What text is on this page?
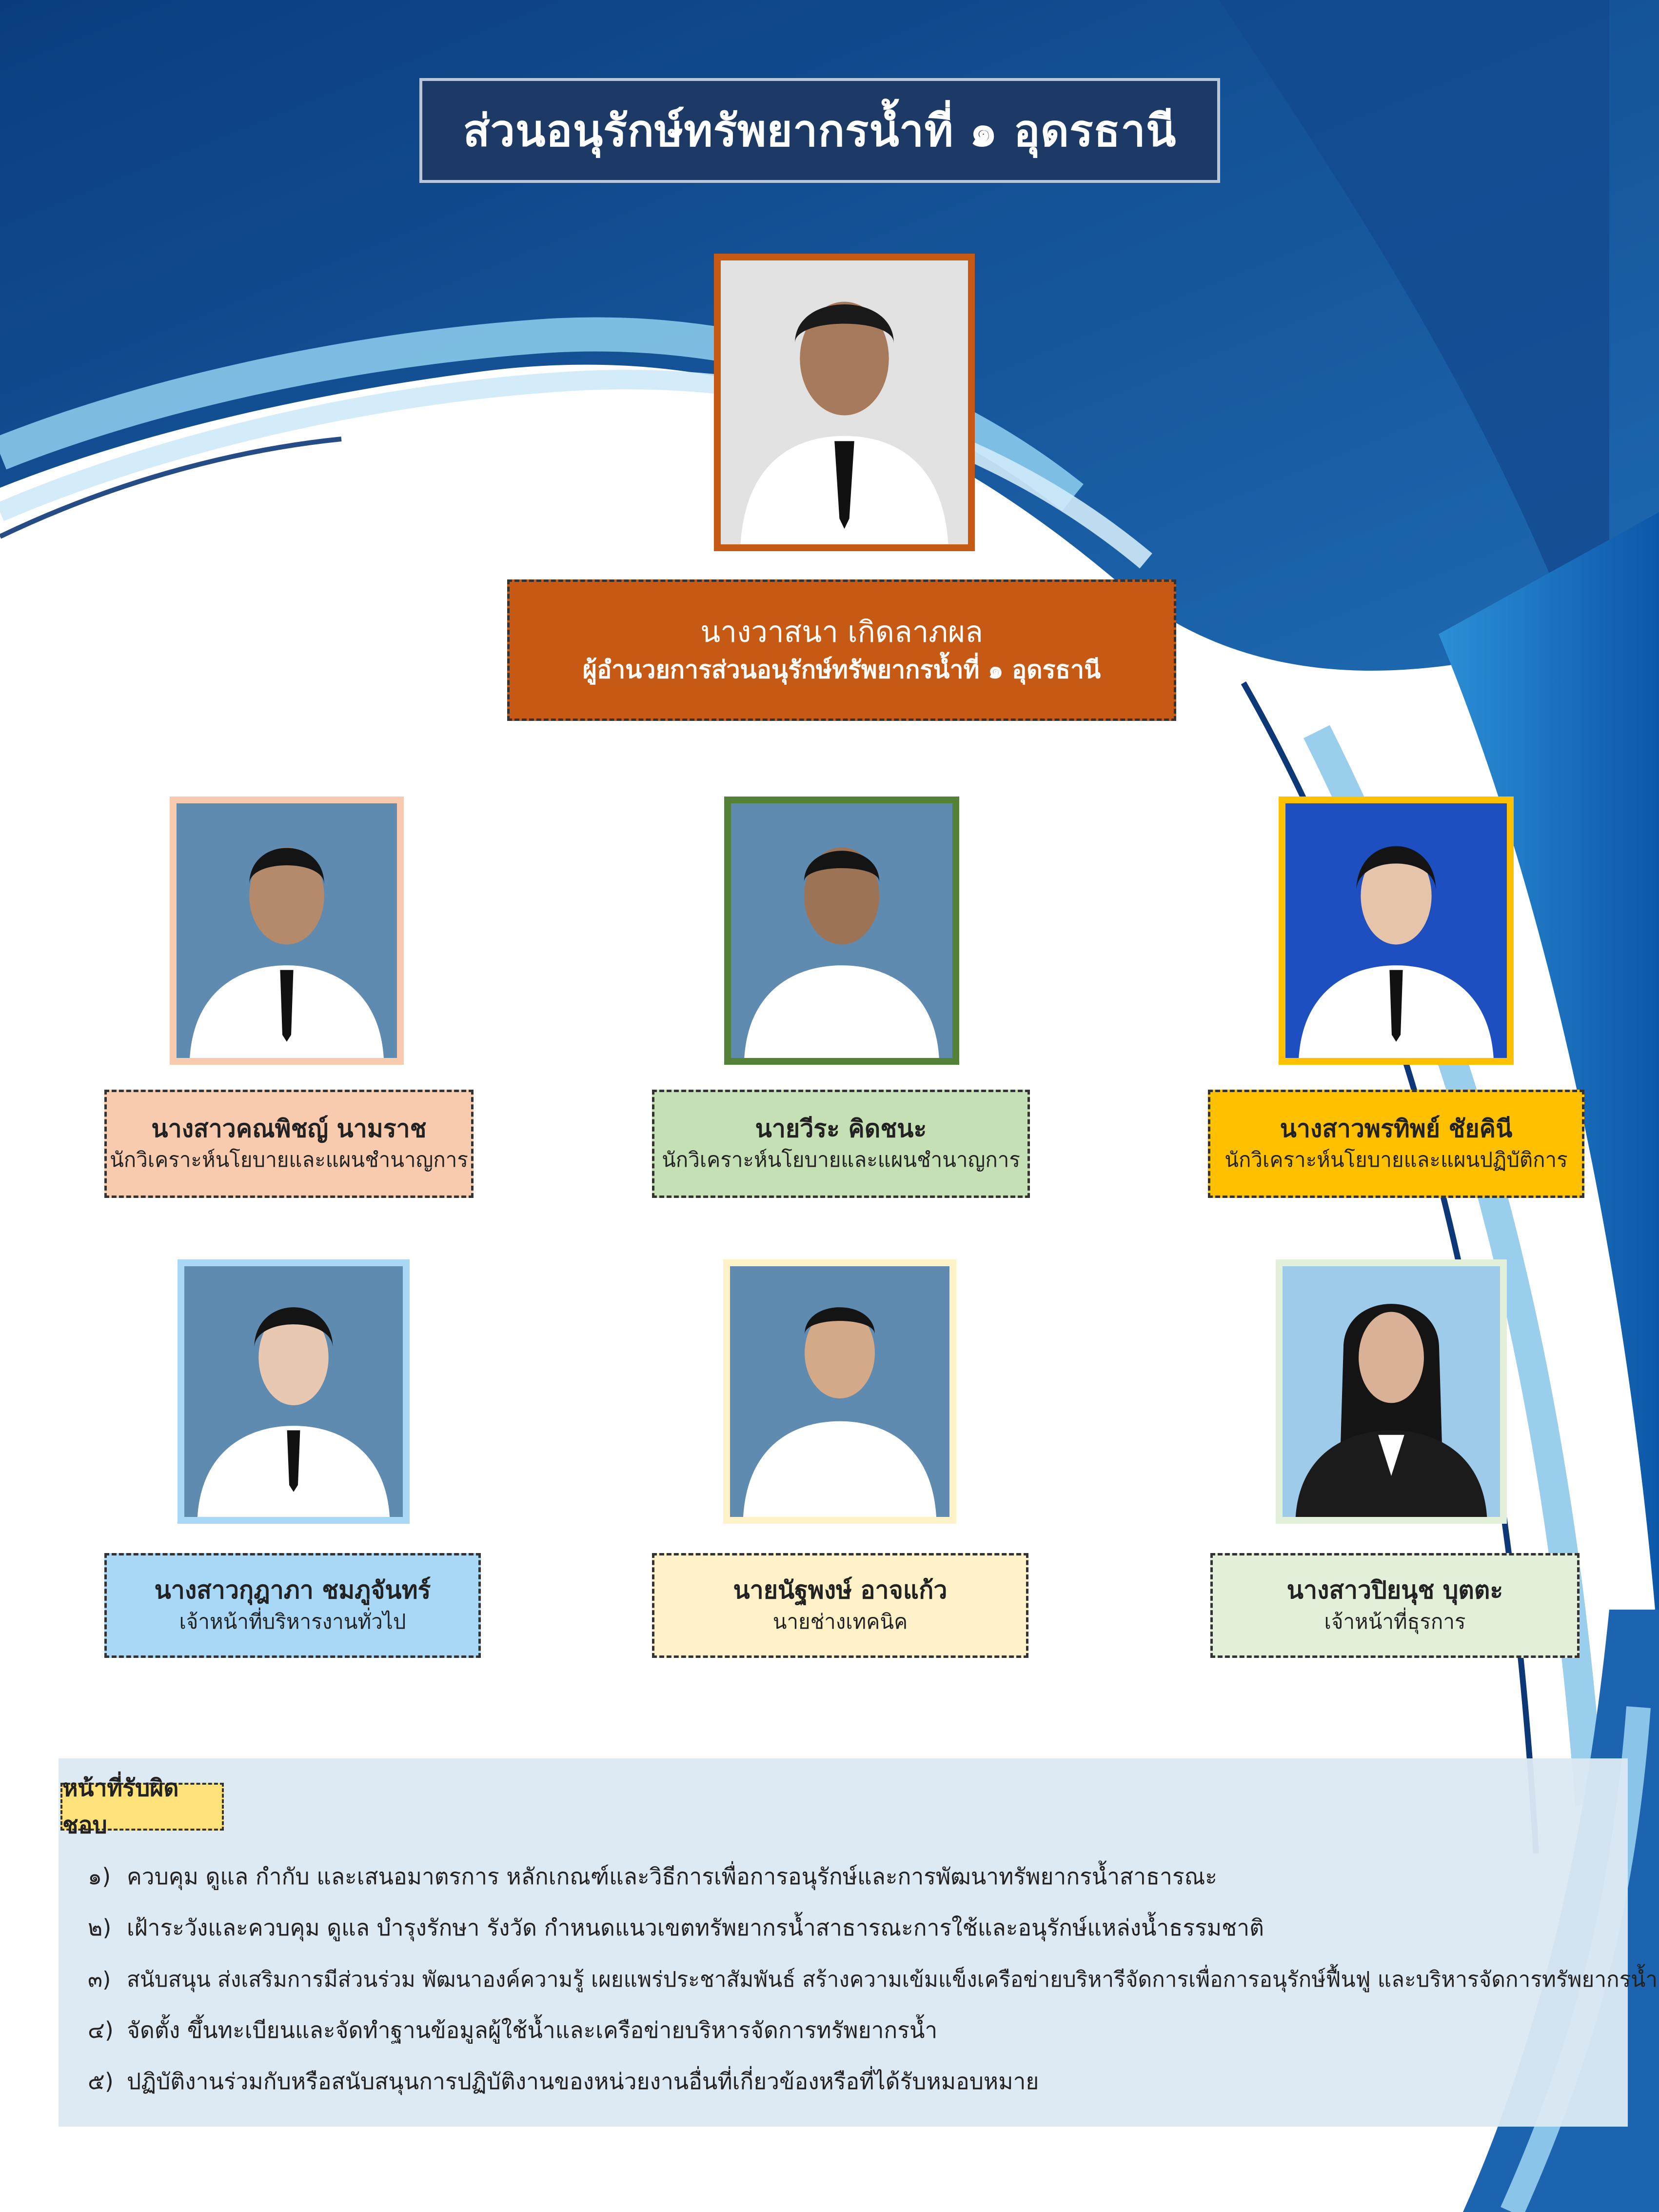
ส่วนอนุรักษ์ทรัพยากรน้ำที่ ๑ อุดรธานี
นางวาสนา เกิดลาภผล
ผู้อำนวยการส่วนอนุรักษ์ทรัพยากรน้ำที่ ๑ อุดรธานี
นางสาวคณพิชญ์ นามราช
นักวิเคราะห์นโยบายและแผนชำนาญการ
นายวีระ คิดชนะ
นักวิเคราะห์นโยบายและแผนชำนาญการ
นางสาวพรทิพย์ ชัยคินี
นักวิเคราะห์นโยบายและแผนปฏิบัติการ
นางสาวกุฎาภา ชมภูจันทร์
เจ้าหน้าที่บริหารงานทั่วไป
นายนัฐพงษ์ อาจแก้ว
นายช่างเทคนิค
นางสาวปิยนุช บุตตะ
เจ้าหน้าที่ธุรการ
หน้าที่รับผิดชอบ
๑) ควบคุม ดูแล กำกับ และเสนอมาตรการ หลักเกณฑ์และวิธีการเพื่อการอนุรักษ์และการพัฒนาทรัพยากรน้ำสาธารณะ
๒) เฝ้าระวังและควบคุม ดูแล บำรุงรักษา รังวัด กำหนดแนวเขตทรัพยากรน้ำสาธารณะการใช้และอนุรักษ์แหล่งน้ำธรรมชาติ
๓) สนับสนุน ส่งเสริมการมีส่วนร่วม พัฒนาองค์ความรู้ เผยแพร่ประชาสัมพันธ์ สร้างความเข้มแข็งเครือข่ายบริหารีจัดการเพื่อการอนุรักษ์ฟื้นฟู และบริหารจัดการทรัพยากรน้ำ
๔) จัดตั้ง ขึ้นทะเบียนและจัดทำฐานข้อมูลผู้ใช้น้ำและเครือข่ายบริหารจัดการทรัพยากรน้ำ
๕) ปฏิบัติงานร่วมกับหรือสนับสนุนการปฏิบัติงานของหน่วยงานอื่นที่เกี่ยวข้องหรือที่ได้รับหมอบหมาย
